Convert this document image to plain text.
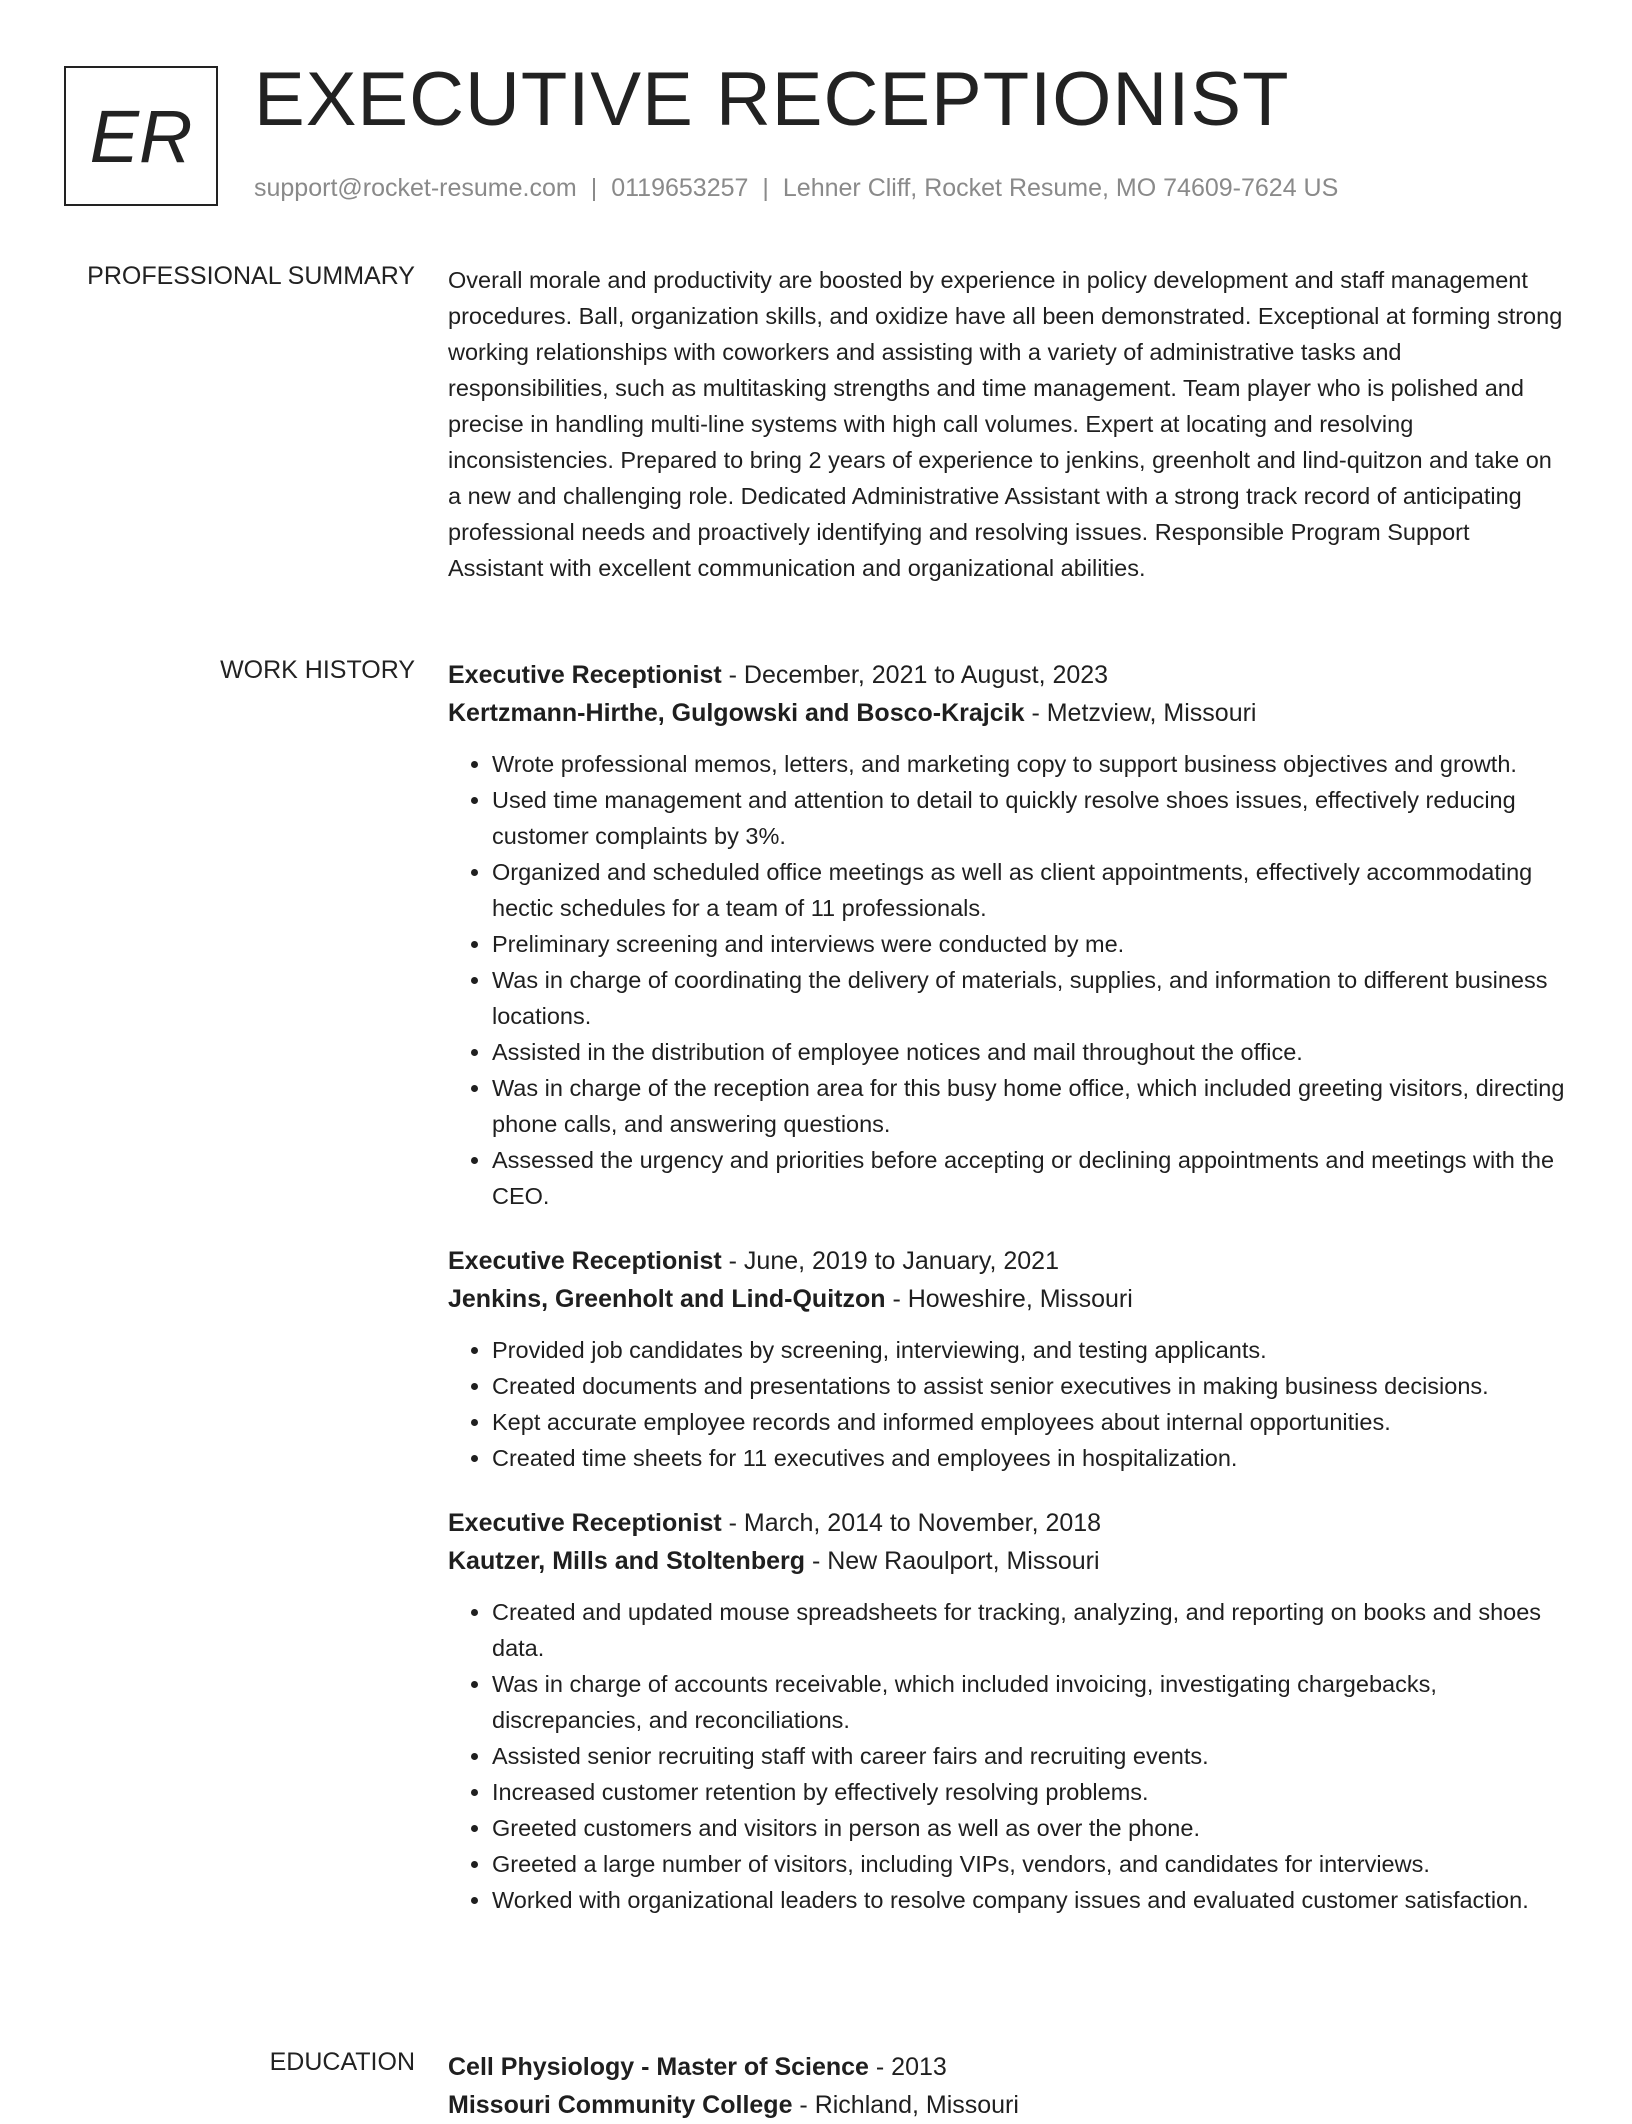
ER EXECUTIVE RECEPTIONIST
support@rocket-resume.com | 0119653257 | Lehner Cliff, Rocket Resume, MO 74609-7624 US
PROFESSIONAL SUMMARY Overall morale and productivity are boosted by experience in policy development and staff management procedures. Ball, organization skills, and oxidize have all been demonstrated. Exceptional at forming strong working relationships with coworkers and assisting with a variety of administrative tasks and responsibilities, such as multitasking strengths and time management. Team player who is polished and precise in handling multi-line systems with high call volumes. Expert at locating and resolving inconsistencies. Prepared to bring 2 years of experience to jenkins, greenholt and lind-quitzon and take on a new and challenging role. Dedicated Administrative Assistant with a strong track record of anticipating professional needs and proactively identifying and resolving issues. Responsible Program Support Assistant with excellent communication and organizational abilities.

WORK HISTORY Executive Receptionist - December, 2021 to August, 2023
Kertzmann-Hirthe, Gulgowski and Bosco-Krajcik - Metzview, Missouri
• Wrote professional memos, letters, and marketing copy to support business objectives and growth.
• Used time management and attention to detail to quickly resolve shoes issues, effectively reducing customer complaints by 3%.
• Organized and scheduled office meetings as well as client appointments, effectively accommodating hectic schedules for a team of 11 professionals.
• Preliminary screening and interviews were conducted by me.
• Was in charge of coordinating the delivery of materials, supplies, and information to different business locations.
• Assisted in the distribution of employee notices and mail throughout the office.
• Was in charge of the reception area for this busy home office, which included greeting visitors, directing phone calls, and answering questions.
• Assessed the urgency and priorities before accepting or declining appointments and meetings with the CEO.
Executive Receptionist - June, 2019 to January, 2021
Jenkins, Greenholt and Lind-Quitzon - Howeshire, Missouri
• Provided job candidates by screening, interviewing, and testing applicants.
• Created documents and presentations to assist senior executives in making business decisions.
• Kept accurate employee records and informed employees about internal opportunities.
• Created time sheets for 11 executives and employees in hospitalization.
Executive Receptionist - March, 2014 to November, 2018
Kautzer, Mills and Stoltenberg - New Raoulport, Missouri
• Created and updated mouse spreadsheets for tracking, analyzing, and reporting on books and shoes data.
• Was in charge of accounts receivable, which included invoicing, investigating chargebacks, discrepancies, and reconciliations.
• Assisted senior recruiting staff with career fairs and recruiting events.
• Increased customer retention by effectively resolving problems.
• Greeted customers and visitors in person as well as over the phone.
• Greeted a large number of visitors, including VIPs, vendors, and candidates for interviews.
• Worked with organizational leaders to resolve company issues and evaluated customer satisfaction.
EDUCATION Cell Physiology - Master of Science - 2013
Missouri Community College - Richland, Missouri
